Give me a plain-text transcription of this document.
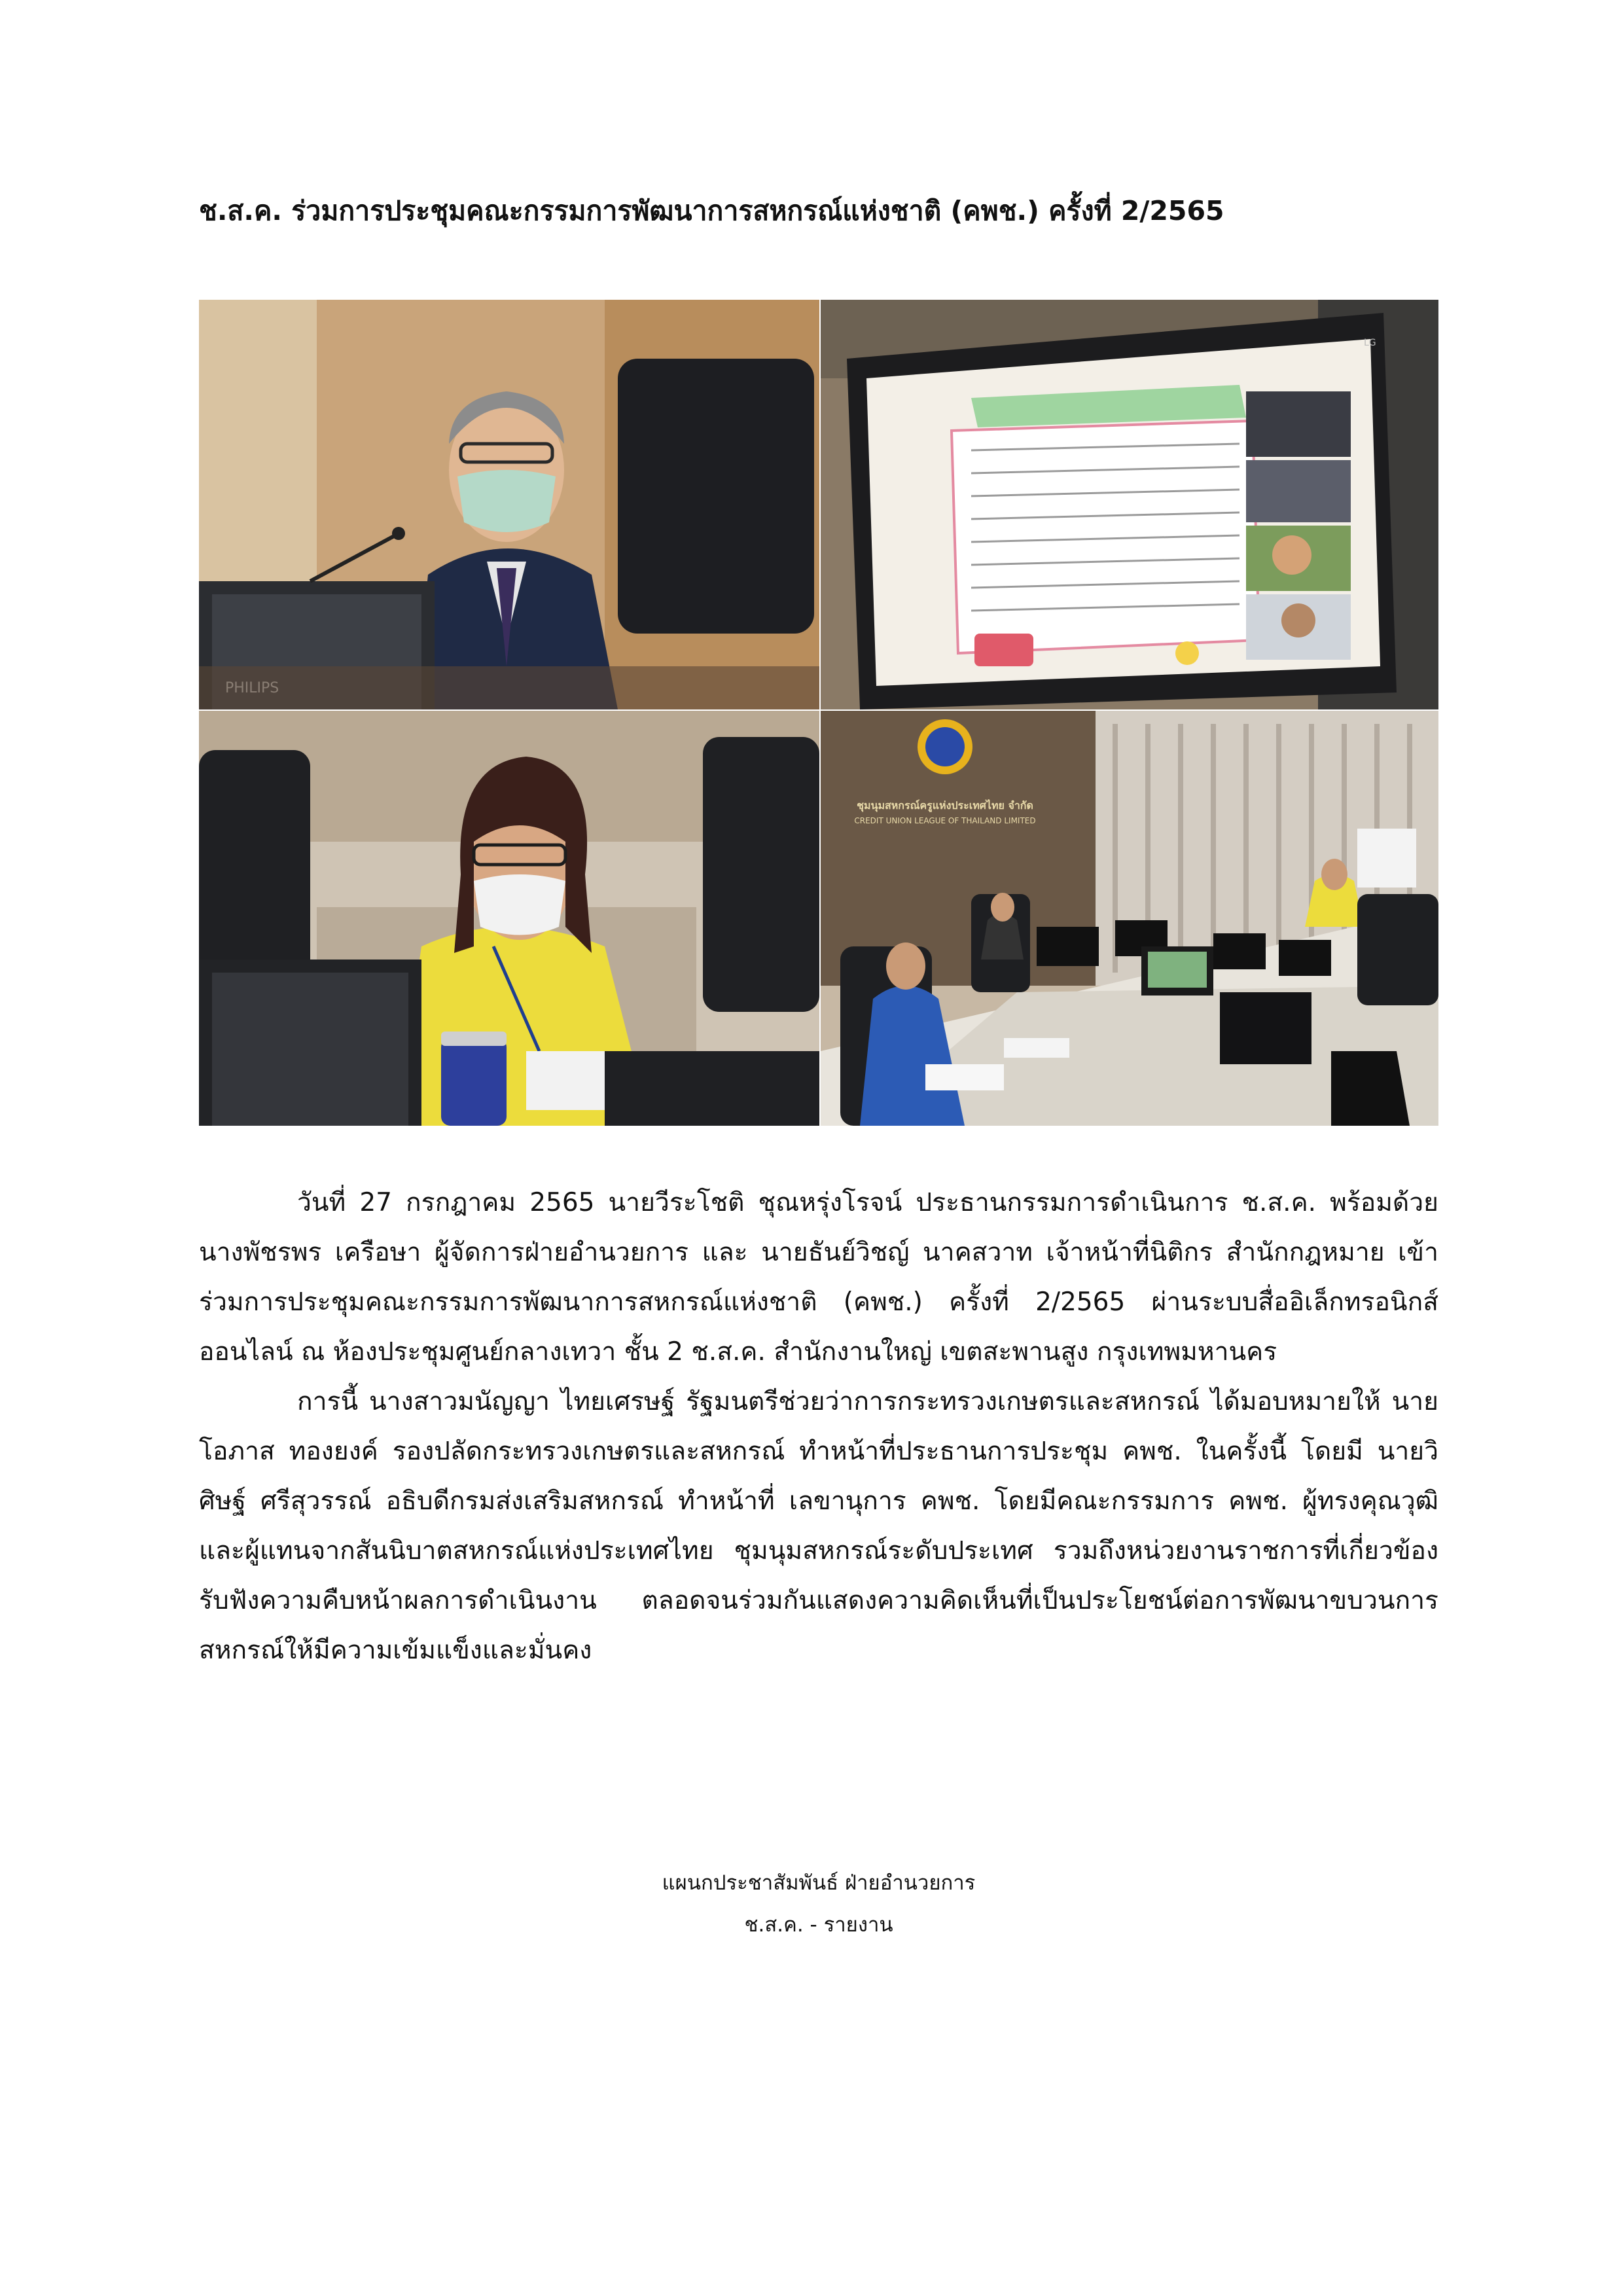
ช.ส.ค. ร่วมการประชุมคณะกรรมการพัฒนาการสหกรณ์แห่งชาติ (คพช.) ครั้งที่ 2/2565
LG
ชุมนุมสหกรณ์ครูแห่งประเทศไทย จำกัด
CREDIT UNION LEAGUE OF THAILAND LIMITED

วันที่ 27 กรกฎาคม 2565 นายวีระโชติ ชุณหรุ่งโรจน์ ประธานกรรมการดำเนินการ ช.ส.ค. พร้อมด้วย นางพัชรพร เครือษา ผู้จัดการฝ่ายอำนวยการ และ นายธันย์วิชญ์ นาคสวาท เจ้าหน้าที่นิติกร สำนักกฎหมาย เข้าร่วมการประชุมคณะกรรมการพัฒนาการสหกรณ์แห่งชาติ (คพช.) ครั้งที่ 2/2565 ผ่านระบบสื่ออิเล็กทรอนิกส์ออนไลน์ ณ ห้องประชุมศูนย์กลางเทวา ชั้น 2 ช.ส.ค. สำนักงานใหญ่ เขตสะพานสูง กรุงเทพมหานคร

การนี้ นางสาวมนัญญา ไทยเศรษฐ์ รัฐมนตรีช่วยว่าการกระทรวงเกษตรและสหกรณ์ ได้มอบหมายให้ นายโอภาส ทองยงค์ รองปลัดกระทรวงเกษตรและสหกรณ์ ทำหน้าที่ประธานการประชุม คพช. ในครั้งนี้ โดยมี นายวิศิษฐ์ ศรีสุวรรณ์ อธิบดีกรมส่งเสริมสหกรณ์ ทำหน้าที่ เลขานุการ คพช. โดยมีคณะกรรมการ คพช. ผู้ทรงคุณวุฒิ และผู้แทนจากสันนิบาตสหกรณ์แห่งประเทศไทย ชุมนุมสหกรณ์ระดับประเทศ รวมถึงหน่วยงานราชการที่เกี่ยวข้อง รับฟังความคืบหน้าผลการดำเนินงาน ตลอดจนร่วมกันแสดงความคิดเห็นที่เป็นประโยชน์ต่อการพัฒนาขบวนการสหกรณ์ให้มีความเข้มแข็งและมั่นคง

แผนกประชาสัมพันธ์ ฝ่ายอำนวยการ
ช.ส.ค. - รายงาน
